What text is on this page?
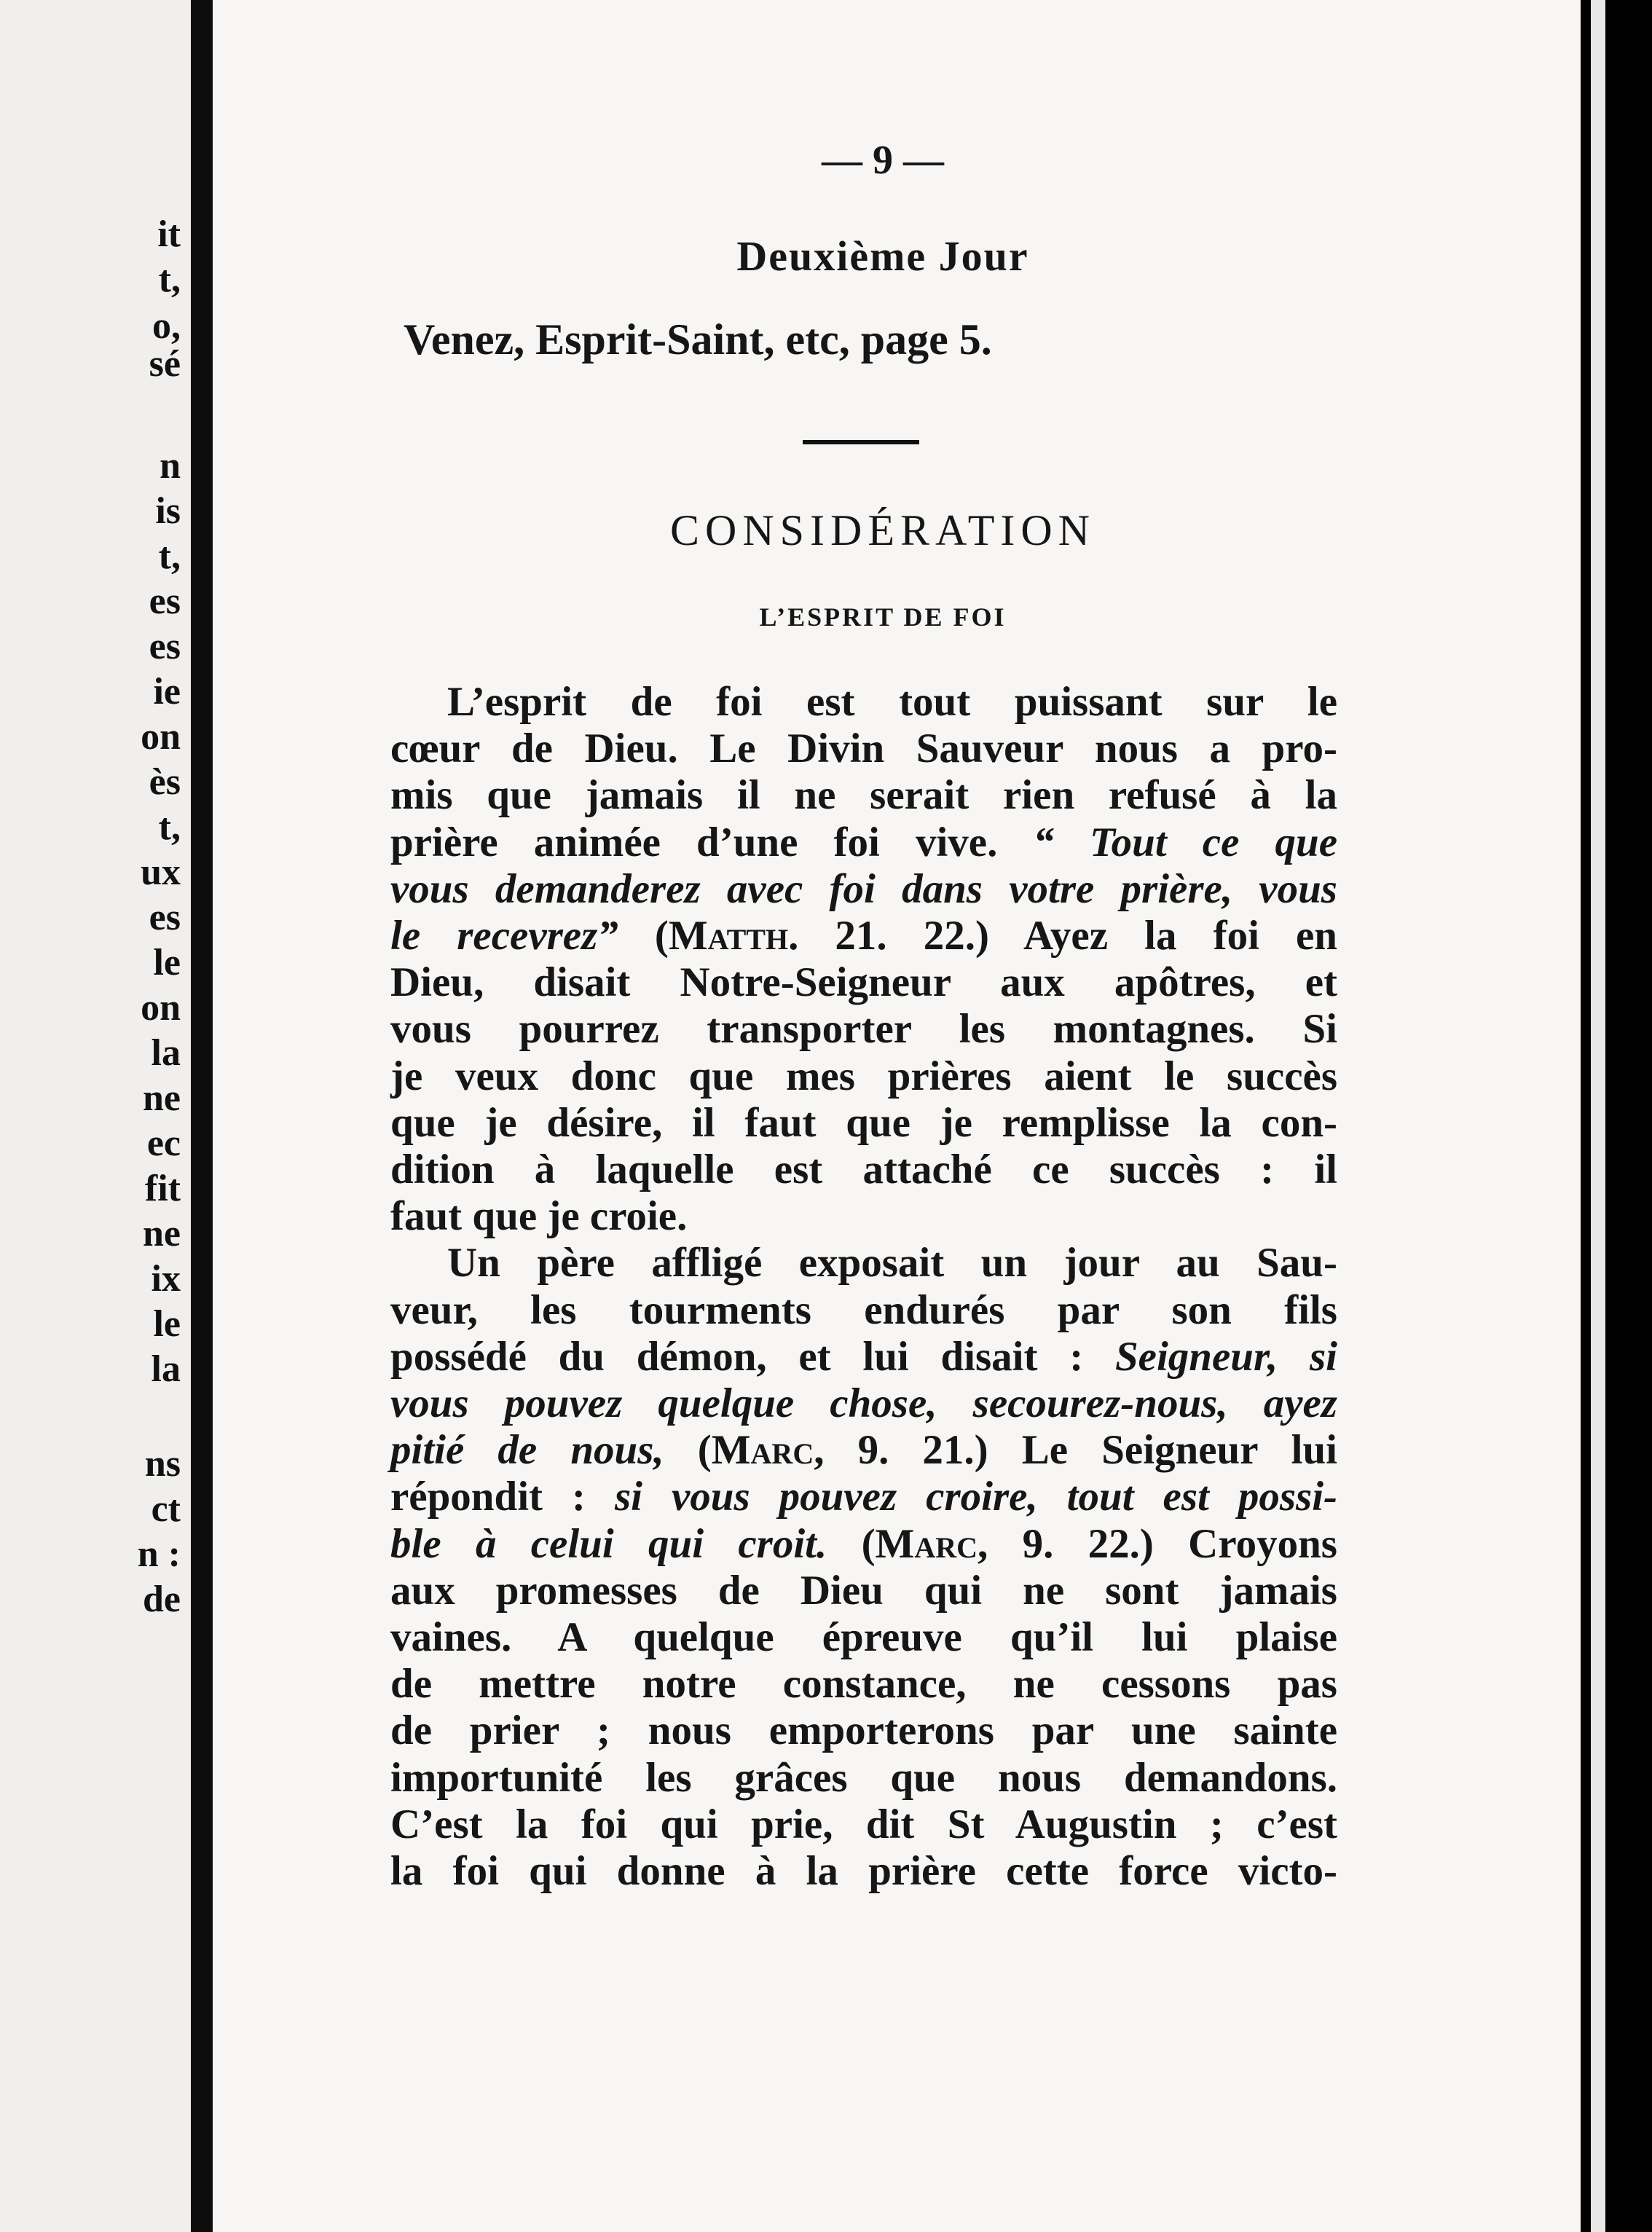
it
t,
o,
sé
n
is
t,
es
es
ie
on
ès
t,
ux
es
le
on
la
ne
ec
fit
ne
ix
le
la
ns
ct
n :
de
— 9 —
Deuxième Jour
Venez, Esprit-Saint, etc, page 5.
CONSIDÉRATION
L’ESPRIT DE FOI
L’esprit de foi est tout puissant sur le
cœur de Dieu. Le Divin Sauveur nous a pro-
mis que jamais il ne serait rien refusé à la
prière animée d’une foi vive. “ Tout ce que
vous demanderez avec foi dans votre prière, vous
le recevrez” (Matth. 21. 22.) Ayez la foi en
Dieu, disait Notre-Seigneur aux apôtres, et
vous pourrez transporter les montagnes. Si
je veux donc que mes prières aient le succès
que je désire, il faut que je remplisse la con-
dition à laquelle est attaché ce succès : il
faut que je croie.
Un père affligé exposait un jour au Sau-
veur, les tourments endurés par son fils
possédé du démon, et lui disait : Seigneur, si
vous pouvez quelque chose, secourez-nous, ayez
pitié de nous, (Marc, 9. 21.) Le Seigneur lui
répondit : si vous pouvez croire, tout est possi-
ble à celui qui croit. (Marc, 9. 22.) Croyons
aux promesses de Dieu qui ne sont jamais
vaines. A quelque épreuve qu’il lui plaise
de mettre notre constance, ne cessons pas
de prier ; nous emporterons par une sainte
importunité les grâces que nous demandons.
C’est la foi qui prie, dit St Augustin ; c’est
la foi qui donne à la prière cette force victo-
